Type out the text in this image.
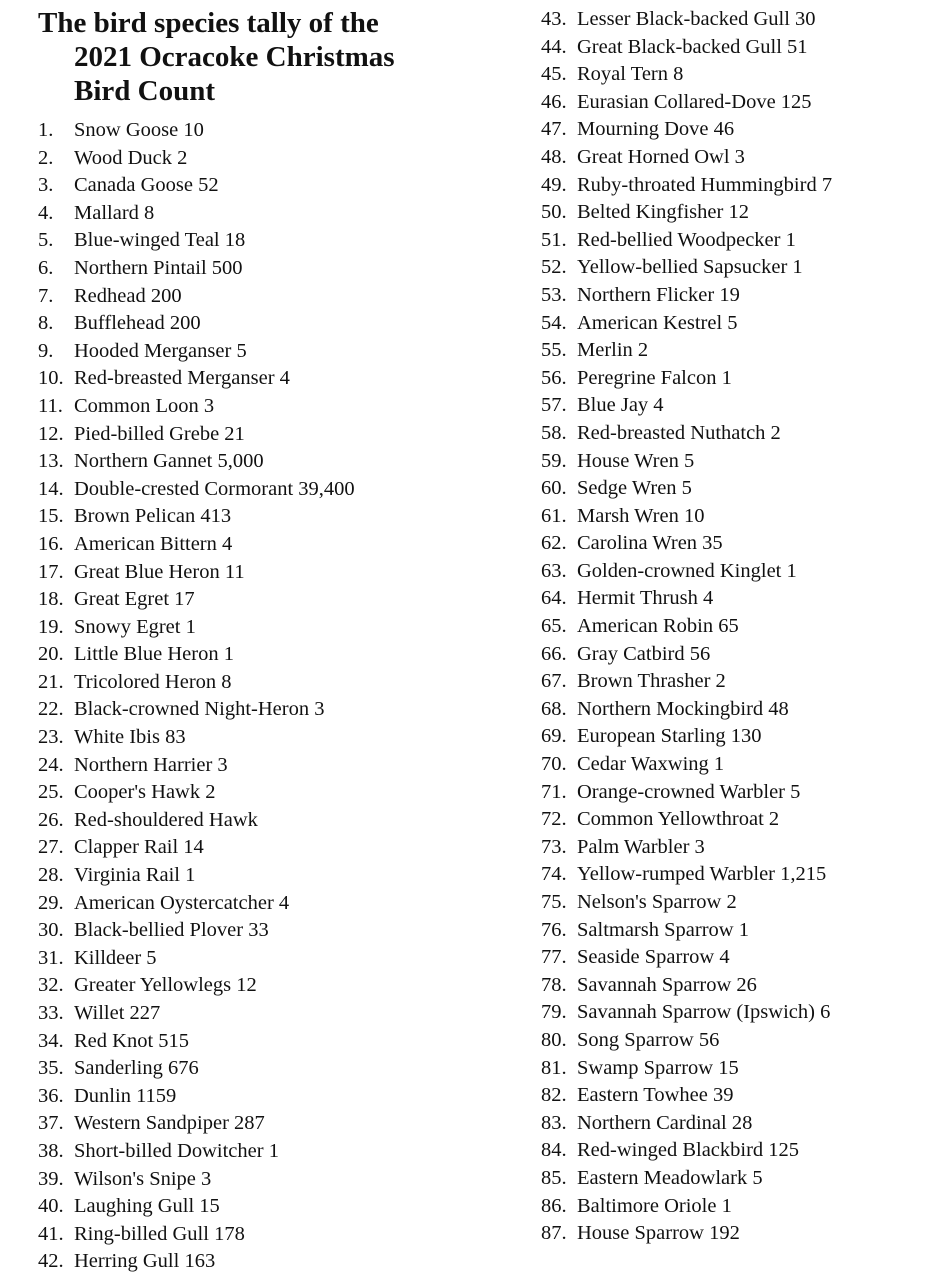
The bird species tally of the
2021 Ocracoke Christmas
Bird Count
1. Snow Goose 10
2. Wood Duck 2
3. Canada Goose 52
4. Mallard 8
5. Blue-winged Teal 18
6. Northern Pintail 500
7. Redhead 200
8. Bufflehead 200
9. Hooded Merganser 5
10. Red-breasted Merganser 4
11. Common Loon 3
12. Pied-billed Grebe 21
13. Northern Gannet 5,000
14. Double-crested Cormorant 39,400
15. Brown Pelican 413
16. American Bittern 4
17. Great Blue Heron 11
18. Great Egret 17
19. Snowy Egret 1
20. Little Blue Heron 1
21. Tricolored Heron 8
22. Black-crowned Night-Heron 3
23. White Ibis 83
24. Northern Harrier 3
25. Cooper's Hawk 2
26. Red-shouldered Hawk
27. Clapper Rail 14
28. Virginia Rail 1
29. American Oystercatcher 4
30. Black-bellied Plover 33
31. Killdeer 5
32. Greater Yellowlegs 12
33. Willet 227
34. Red Knot 515
35. Sanderling 676
36. Dunlin 1159
37. Western Sandpiper 287
38. Short-billed Dowitcher 1
39. Wilson's Snipe 3
40. Laughing Gull 15
41. Ring-billed Gull 178
42. Herring Gull 163
43. Lesser Black-backed Gull 30
44. Great Black-backed Gull 51
45. Royal Tern 8
46. Eurasian Collared-Dove 125
47. Mourning Dove 46
48. Great Horned Owl 3
49. Ruby-throated Hummingbird 7
50. Belted Kingfisher 12
51. Red-bellied Woodpecker 1
52. Yellow-bellied Sapsucker 1
53. Northern Flicker 19
54. American Kestrel 5
55. Merlin 2
56. Peregrine Falcon 1
57. Blue Jay 4
58. Red-breasted Nuthatch 2
59. House Wren 5
60. Sedge Wren 5
61. Marsh Wren 10
62. Carolina Wren 35
63. Golden-crowned Kinglet 1
64. Hermit Thrush 4
65. American Robin 65
66. Gray Catbird 56
67. Brown Thrasher 2
68. Northern Mockingbird 48
69. European Starling 130
70. Cedar Waxwing 1
71. Orange-crowned Warbler 5
72. Common Yellowthroat 2
73. Palm Warbler 3
74. Yellow-rumped Warbler 1,215
75. Nelson's Sparrow 2
76. Saltmarsh Sparrow 1
77. Seaside Sparrow 4
78. Savannah Sparrow 26
79. Savannah Sparrow (Ipswich) 6
80. Song Sparrow 56
81. Swamp Sparrow 15
82. Eastern Towhee 39
83. Northern Cardinal 28
84. Red-winged Blackbird 125
85. Eastern Meadowlark 5
86. Baltimore Oriole 1
87. House Sparrow 192
